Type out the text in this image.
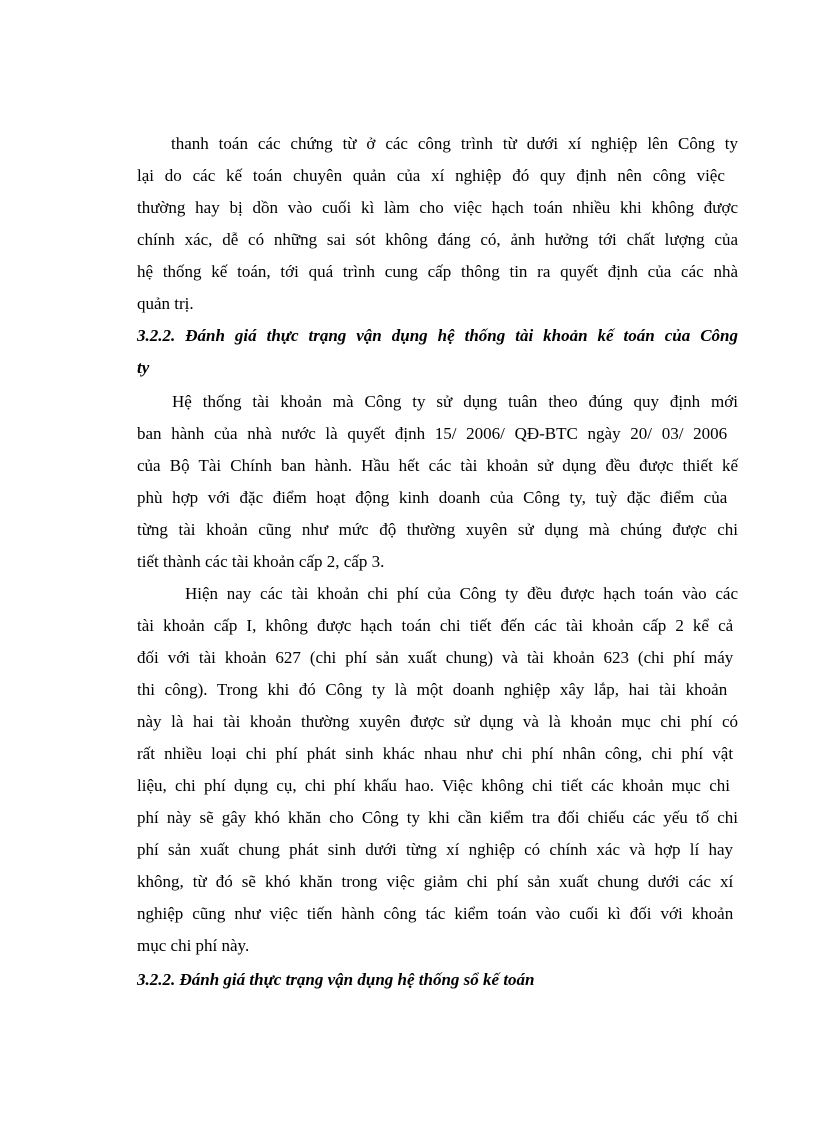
thanh toán các chứng từ ở các công trình từ dưới xí nghiệp lên Công ty
lại do các kế toán chuyên quản của xí nghiệp đó quy định nên công việc
thường hay bị dồn vào cuối kì làm cho việc hạch toán nhiều khi không được
chính xác, dễ có những sai sót không đáng có, ảnh hưởng tới chất lượng của
hệ thống kế toán, tới quá trình cung cấp thông tin ra quyết định của các nhà
quản trị.
3.2.2. Đánh giá thực trạng vận dụng hệ thống tài khoản kế toán của Công
ty
Hệ thống tài khoản mà Công ty sử dụng tuân theo đúng quy định mới
ban hành của nhà nước là quyết định 15/ 2006/ QĐ-BTC ngày 20/ 03/ 2006
của Bộ Tài Chính ban hành. Hầu hết các tài khoản sử dụng đều được thiết kế
phù hợp với đặc điểm hoạt động kinh doanh của Công ty, tuỳ đặc điểm của
từng tài khoản cũng như mức độ thường xuyên sử dụng mà chúng được chi
tiết thành các tài khoản cấp 2, cấp 3.
Hiện nay các tài khoản chi phí của Công ty đều được hạch toán vào các
tài khoản cấp I, không được hạch toán chi tiết đến các tài khoản cấp 2 kể cả
đối với tài khoản 627 (chi phí sản xuất chung) và tài khoản 623 (chi phí máy
thi công). Trong khi đó Công ty là một doanh nghiệp xây lắp, hai tài khoản
này là hai tài khoản thường xuyên được sử dụng và là khoản mục chi phí có
rất nhiều loại chi phí phát sinh khác nhau như chi phí nhân công, chi phí vật
liệu, chi phí dụng cụ, chi phí khấu hao. Việc không chi tiết các khoản mục chi
phí này sẽ gây khó khăn cho Công ty khi cần kiểm tra đối chiếu các yếu tố chi
phí sản xuất chung phát sinh dưới từng xí nghiệp có chính xác và hợp lí hay
không, từ đó sẽ khó khăn trong việc giảm chi phí sản xuất chung dưới các xí
nghiệp cũng như việc tiến hành công tác kiểm toán vào cuối kì đối với khoản
mục chi phí này.
3.2.2. Đánh giá thực trạng vận dụng hệ thống sổ kế toán
